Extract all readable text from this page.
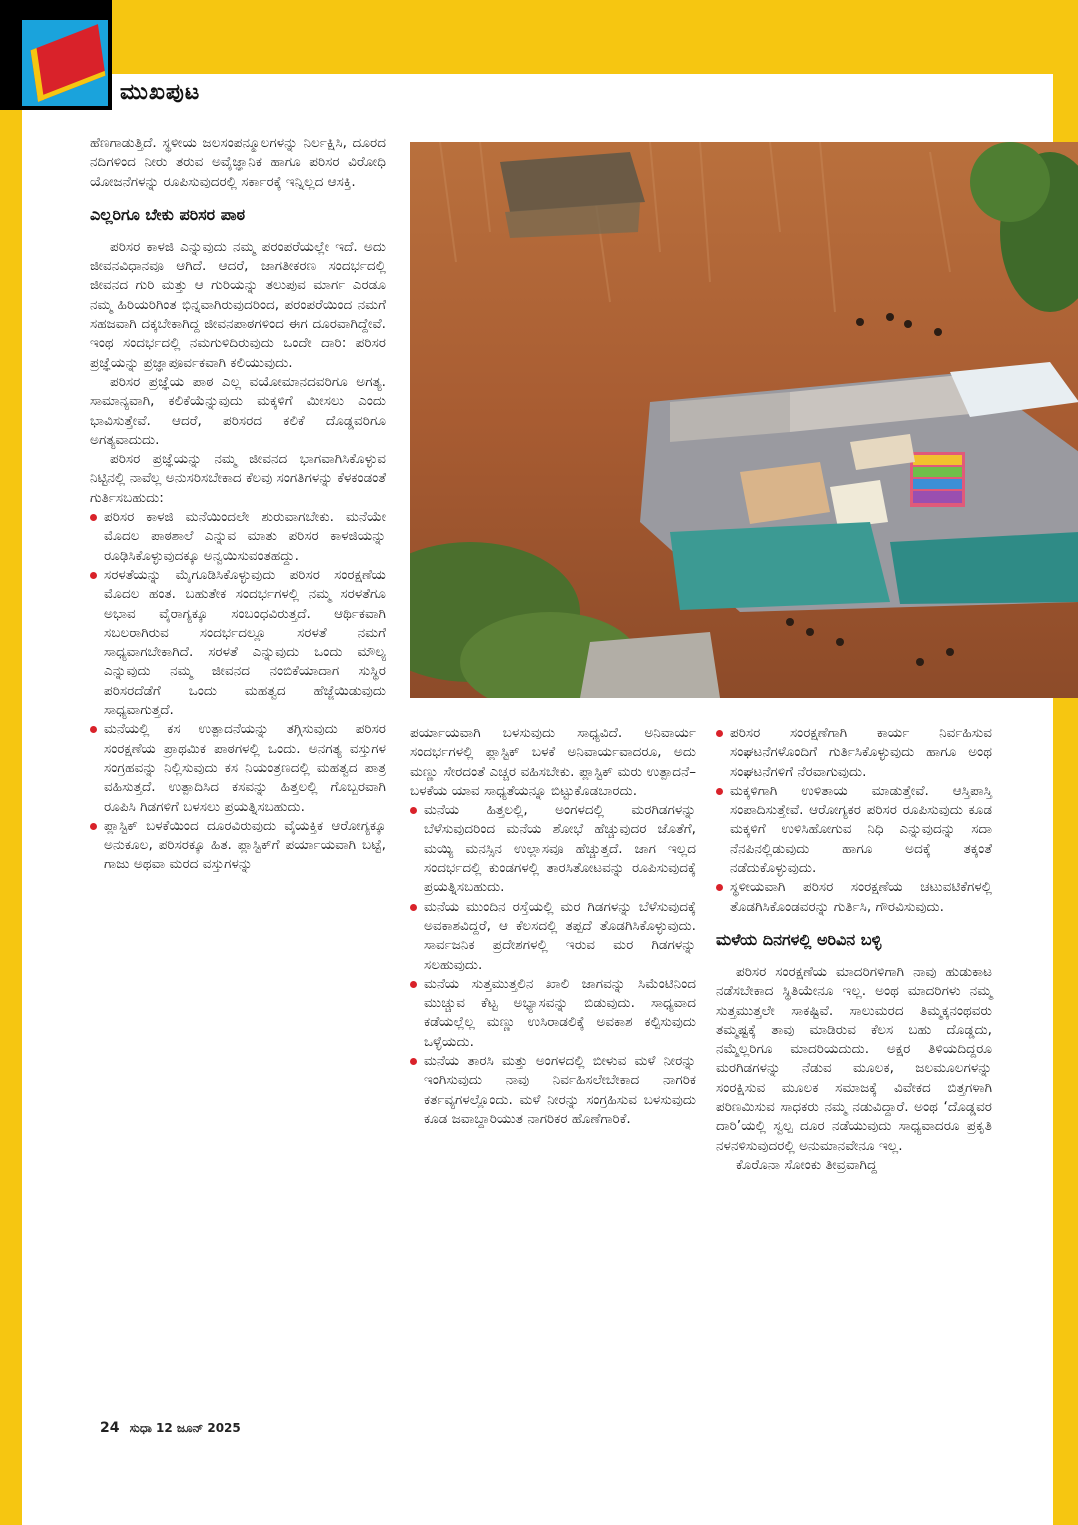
ಮುಖಪುಟ

ಹೆಣಗಾಡುತ್ತಿದೆ. ಸ್ಥಳೀಯ ಜಲಸಂಪನ್ಮೂಲಗಳನ್ನು ನಿರ್ಲಕ್ಷಿಸಿ, ದೂರದ ನದಿಗಳಿಂದ ನೀರು ತರುವ ಅವೈಜ್ಞಾನಿಕ ಹಾಗೂ ಪರಿಸರ ವಿರೋಧಿ ಯೋಜನೆಗಳನ್ನು ರೂಪಿಸುವುದರಲ್ಲಿ ಸರ್ಕಾರಕ್ಕೆ ಇನ್ನಿಲ್ಲದ ಆಸಕ್ತಿ.

ಎಲ್ಲರಿಗೂ ಬೇಕು ಪರಿಸರ ಪಾಠ

ಪರಿಸರ ಕಾಳಜಿ ಎನ್ನುವುದು ನಮ್ಮ ಪರಂಪರೆಯಲ್ಲೇ ಇದೆ. ಅದು ಜೀವನವಿಧಾನವೂ ಆಗಿದೆ. ಆದರೆ, ಜಾಗತೀಕರಣ ಸಂದರ್ಭದಲ್ಲಿ ಜೀವನದ ಗುರಿ ಮತ್ತು ಆ ಗುರಿಯನ್ನು ತಲುಪುವ ಮಾರ್ಗ ಎರಡೂ ನಮ್ಮ ಹಿರಿಯರಿಗಿಂತ ಭಿನ್ನವಾಗಿರುವುದರಿಂದ, ಪರಂಪರೆಯಿಂದ ನಮಗೆ ಸಹಜವಾಗಿ ದಕ್ಕಬೇಕಾಗಿದ್ದ ಜೀವನಪಾಠಗಳಿಂದ ಈಗ ದೂರವಾಗಿದ್ದೇವೆ. ಇಂಥ ಸಂದರ್ಭದಲ್ಲಿ ನಮಗುಳಿದಿರುವುದು ಒಂದೇ ದಾರಿ: ಪರಿಸರ ಪ್ರಜ್ಞೆಯನ್ನು ಪ್ರಜ್ಞಾಪೂರ್ವಕವಾಗಿ ಕಲಿಯುವುದು.

ಪರಿಸರ ಪ್ರಜ್ಞೆಯ ಪಾಠ ಎಲ್ಲ ವಯೋಮಾನದವರಿಗೂ ಅಗತ್ಯ. ಸಾಮಾನ್ಯವಾಗಿ, ಕಲಿಕೆಯೆನ್ನುವುದು ಮಕ್ಕಳಿಗೆ ಮೀಸಲು ಎಂದು ಭಾವಿಸುತ್ತೇವೆ. ಆದರೆ, ಪರಿಸರದ ಕಲಿಕೆ ದೊಡ್ಡವರಿಗೂ ಅಗತ್ಯವಾದುದು.

ಪರಿಸರ ಪ್ರಜ್ಞೆಯನ್ನು ನಮ್ಮ ಜೀವನದ ಭಾಗವಾಗಿಸಿಕೊಳ್ಳುವ ನಿಟ್ಟಿನಲ್ಲಿ ನಾವೆಲ್ಲ ಅನುಸರಿಸಬೇಕಾದ ಕೆಲವು ಸಂಗತಿಗಳನ್ನು ಕೆಳಕಂಡಂತೆ ಗುರ್ತಿಸಬಹುದು:

ಪರಿಸರ ಕಾಳಜಿ ಮನೆಯಿಂದಲೇ ಶುರುವಾಗಬೇಕು. ಮನೆಯೇ ಮೊದಲ ಪಾಠಶಾಲೆ ಎನ್ನುವ ಮಾತು ಪರಿಸರ ಕಾಳಜಿಯನ್ನು ರೂಢಿಸಿಕೊಳ್ಳುವುದಕ್ಕೂ ಅನ್ವಯಿಸುವಂತಹದ್ದು.
ಸರಳತೆಯನ್ನು ಮೈಗೂಡಿಸಿಕೊಳ್ಳುವುದು ಪರಿಸರ ಸಂರಕ್ಷಣೆಯ ಮೊದಲ ಹಂತ. ಬಹುತೇಕ ಸಂದರ್ಭಗಳಲ್ಲಿ ನಮ್ಮ ಸರಳತೆಗೂ ಅಭಾವ ವೈರಾಗ್ಯಕ್ಕೂ ಸಂಬಂಧವಿರುತ್ತದೆ. ಆರ್ಥಿಕವಾಗಿ ಸಬಲರಾಗಿರುವ ಸಂದರ್ಭದಲ್ಲೂ ಸರಳತೆ ನಮಗೆ ಸಾಧ್ಯವಾಗಬೇಕಾಗಿದೆ. ಸರಳತೆ ಎನ್ನುವುದು ಒಂದು ಮೌಲ್ಯ ಎನ್ನುವುದು ನಮ್ಮ ಜೀವನದ ನಂಬಿಕೆಯಾದಾಗ ಸುಸ್ಥಿರ ಪರಿಸರದೆಡೆಗೆ ಒಂದು ಮಹತ್ವದ ಹೆಜ್ಜೆಯಿಡುವುದು ಸಾಧ್ಯವಾಗುತ್ತದೆ.
ಮನೆಯಲ್ಲಿ ಕಸ ಉತ್ಪಾದನೆಯನ್ನು ತಗ್ಗಿಸುವುದು ಪರಿಸರ ಸಂರಕ್ಷಣೆಯ ಪ್ರಾಥಮಿಕ ಪಾಠಗಳಲ್ಲಿ ಒಂದು. ಅನಗತ್ಯ ವಸ್ತುಗಳ ಸಂಗ್ರಹವನ್ನು ನಿಲ್ಲಿಸುವುದು ಕಸ ನಿಯಂತ್ರಣದಲ್ಲಿ ಮಹತ್ವದ ಪಾತ್ರ ವಹಿಸುತ್ತದೆ. ಉತ್ಪಾದಿಸಿದ ಕಸವನ್ನು ಹಿತ್ತಲಲ್ಲಿ ಗೊಬ್ಬರವಾಗಿ ರೂಪಿಸಿ ಗಿಡಗಳಿಗೆ ಬಳಸಲು ಪ್ರಯತ್ನಿಸಬಹುದು.
ಪ್ಲಾಸ್ಟಿಕ್ ಬಳಕೆಯಿಂದ ದೂರವಿರುವುದು ವೈಯಕ್ತಿಕ ಆರೋಗ್ಯಕ್ಕೂ ಅನುಕೂಲ, ಪರಿಸರಕ್ಕೂ ಹಿತ. ಪ್ಲಾಸ್ಟಿಕ್‌ಗೆ ಪರ್ಯಾಯವಾಗಿ ಬಟ್ಟೆ, ಗಾಜು ಅಥವಾ ಮರದ ವಸ್ತುಗಳನ್ನು

ಪರ್ಯಾಯವಾಗಿ ಬಳಸುವುದು ಸಾಧ್ಯವಿದೆ. ಅನಿವಾರ್ಯ ಸಂದರ್ಭಗಳಲ್ಲಿ ಪ್ಲಾಸ್ಟಿಕ್ ಬಳಕೆ ಅನಿವಾರ್ಯವಾದರೂ, ಅದು ಮಣ್ಣು ಸೇರದಂತೆ ಎಚ್ಚರ ವಹಿಸಬೇಕು. ಪ್ಲಾಸ್ಟಿಕ್ ಮರು ಉತ್ಪಾದನೆ–ಬಳಕೆಯ ಯಾವ ಸಾಧ್ಯತೆಯನ್ನೂ ಬಿಟ್ಟುಕೊಡಬಾರದು.

ಮನೆಯ ಹಿತ್ತಲಲ್ಲಿ, ಅಂಗಳದಲ್ಲಿ ಮರಗಿಡಗಳನ್ನು ಬೆಳೆಸುವುದರಿಂದ ಮನೆಯ ಶೋಭೆ ಹೆಚ್ಚುವುದರ ಜೊತೆಗೆ, ಮಯ್ಯಿ ಮನಸ್ಸಿನ ಉಲ್ಲಾಸವೂ ಹೆಚ್ಚುತ್ತದೆ. ಜಾಗ ಇಲ್ಲದ ಸಂದರ್ಭದಲ್ಲಿ ಕುಂಡಗಳಲ್ಲಿ ತಾರಸಿತೋಟವನ್ನು ರೂಪಿಸುವುದಕ್ಕೆ ಪ್ರಯತ್ನಿಸಬಹುದು.
ಮನೆಯ ಮುಂದಿನ ರಸ್ತೆಯಲ್ಲಿ ಮರ ಗಿಡಗಳನ್ನು ಬೆಳೆಸುವುದಕ್ಕೆ ಅವಕಾಶವಿದ್ದರೆ, ಆ ಕೆಲಸದಲ್ಲಿ ತಪ್ಪದೆ ತೊಡಗಿಸಿಕೊಳ್ಳುವುದು. ಸಾರ್ವಜನಿಕ ಪ್ರದೇಶಗಳಲ್ಲಿ ಇರುವ ಮರ ಗಿಡಗಳನ್ನು ಸಲಹುವುದು.
ಮನೆಯ ಸುತ್ತಮುತ್ತಲಿನ ಖಾಲಿ ಜಾಗವನ್ನು ಸಿಮೆಂಟಿನಿಂದ ಮುಚ್ಚುವ ಕೆಟ್ಟ ಅಭ್ಯಾಸವನ್ನು ಬಿಡುವುದು. ಸಾಧ್ಯವಾದ ಕಡೆಯಲ್ಲೆಲ್ಲ ಮಣ್ಣು ಉಸಿರಾಡಲಿಕ್ಕೆ ಅವಕಾಶ ಕಲ್ಪಿಸುವುದು ಒಳ್ಳೆಯದು.
ಮನೆಯ ತಾರಸಿ ಮತ್ತು ಅಂಗಳದಲ್ಲಿ ಬೀಳುವ ಮಳೆ ನೀರನ್ನು ಇಂಗಿಸುವುದು ನಾವು ನಿರ್ವಹಿಸಲೇಬೇಕಾದ ನಾಗರಿಕ ಕರ್ತವ್ಯಗಳಲ್ಲೊಂದು. ಮಳೆ ನೀರನ್ನು ಸಂಗ್ರಹಿಸುವ ಬಳಸುವುದು ಕೂಡ ಜವಾಬ್ದಾರಿಯುತ ನಾಗರಿಕರ ಹೊಣೆಗಾರಿಕೆ.
ಪರಿಸರ ಸಂರಕ್ಷಣೆಗಾಗಿ ಕಾರ್ಯ ನಿರ್ವಹಿಸುವ ಸಂಘಟನೆಗಳೊಂದಿಗೆ ಗುರ್ತಿಸಿಕೊಳ್ಳುವುದು ಹಾಗೂ ಅಂಥ ಸಂಘಟನೆಗಳಿಗೆ ನೆರವಾಗುವುದು.
ಮಕ್ಕಳಿಗಾಗಿ ಉಳಿತಾಯ ಮಾಡುತ್ತೇವೆ. ಆಸ್ತಿಪಾಸ್ತಿ ಸಂಪಾದಿಸುತ್ತೇವೆ. ಆರೋಗ್ಯಕರ ಪರಿಸರ ರೂಪಿಸುವುದು ಕೂಡ ಮಕ್ಕಳಿಗೆ ಉಳಿಸಿಹೋಗುವ ನಿಧಿ ಎನ್ನುವುದನ್ನು ಸದಾ ನೆನಪಿನಲ್ಲಿಡುವುದು ಹಾಗೂ ಅದಕ್ಕೆ ತಕ್ಕಂತೆ ನಡೆದುಕೊಳ್ಳುವುದು.
ಸ್ಥಳೀಯವಾಗಿ ಪರಿಸರ ಸಂರಕ್ಷಣೆಯ ಚಟುವಟಿಕೆಗಳಲ್ಲಿ ತೊಡಗಿಸಿಕೊಂಡವರನ್ನು ಗುರ್ತಿಸಿ, ಗೌರವಿಸುವುದು.
ಮಳೆಯ ದಿನಗಳಲ್ಲಿ ಅರಿವಿನ ಬಳ್ಳಿ

ಪರಿಸರ ಸಂರಕ್ಷಣೆಯ ಮಾದರಿಗಳಿಗಾಗಿ ನಾವು ಹುಡುಕಾಟ ನಡೆಸಬೇಕಾದ ಸ್ಥಿತಿಯೇನೂ ಇಲ್ಲ. ಅಂಥ ಮಾದರಿಗಳು ನಮ್ಮ ಸುತ್ತಮುತ್ತಲೇ ಸಾಕಷ್ಟಿವೆ. ಸಾಲುಮರದ ತಿಮ್ಮಕ್ಕನಂಥವರು ತಮ್ಮಷ್ಟಕ್ಕೆ ತಾವು ಮಾಡಿರುವ ಕೆಲಸ ಬಹು ದೊಡ್ಡದು, ನಮ್ಮೆಲ್ಲರಿಗೂ ಮಾದರಿಯದುದು. ಅಕ್ಷರ ತಿಳಿಯದಿದ್ದರೂ ಮರಗಿಡಗಳನ್ನು ನೆಡುವ ಮೂಲಕ, ಜಲಮೂಲಗಳನ್ನು ಸಂರಕ್ಷಿಸುವ ಮೂಲಕ ಸಮಾಜಕ್ಕೆ ವಿವೇಕದ ಬಿತ್ತಗಳಾಗಿ ಪರಿಣಮಿಸುವ ಸಾಧಕರು ನಮ್ಮ ನಡುವಿದ್ದಾರೆ. ಅಂಥ ‘ದೊಡ್ಡವರ ದಾರಿ’ಯಲ್ಲಿ ಸ್ವಲ್ಪ ದೂರ ನಡೆಯುವುದು ಸಾಧ್ಯವಾದರೂ ಪ್ರಕೃತಿ ನಳನಳಿಸುವುದರಲ್ಲಿ ಅನುಮಾನವೇನೂ ಇಲ್ಲ.

ಕೊರೊನಾ ಸೋಂಕು ತೀವ್ರವಾಗಿದ್ದ

24 ಸುಧಾ 12 ಜೂನ್ 2025
